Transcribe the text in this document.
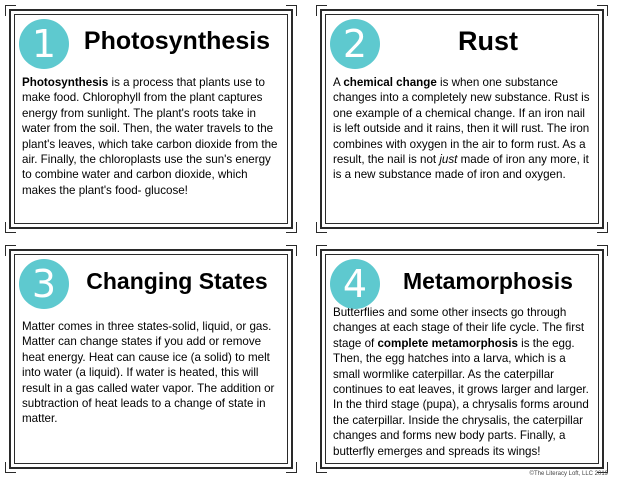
1	Photosynthesis
Photosynthesis is a process that plants use to make food. Chlorophyll from the plant captures energy from sunlight. The plant's roots take in water from the soil. Then, the water travels to the plant's leaves, which take carbon dioxide from the air. Finally, the chloroplasts use the sun's energy to combine water and carbon dioxide, which makes the plant's food- glucose!
2	Rust
A chemical change is when one substance changes into a completely new substance. Rust is one example of a chemical change. If an iron nail is left outside and it rains, then it will rust. The iron combines with oxygen in the air to form rust. As a result, the nail is not just made of iron any more, it is a new substance made of iron and oxygen.
3	Changing States
Matter comes in three states-solid, liquid, or gas. Matter can change states if you add or remove heat energy. Heat can cause ice (a solid) to melt into water (a liquid). If water is heated, this will result in a gas called water vapor. The addition or subtraction of heat leads to a change of state in matter.
4	Metamorphosis
Butterflies and some other insects go through changes at each stage of their life cycle. The first stage of complete metamorphosis is the egg. Then, the egg hatches into a larva, which is a small wormlike caterpillar. As the caterpillar continues to eat leaves, it grows larger and larger. In the third stage (pupa), a chrysalis forms around the caterpillar. Inside the chrysalis, the caterpillar changes and forms new body parts. Finally, a butterfly emerges and spreads its wings!
©The Literacy Loft, LLC 2019
